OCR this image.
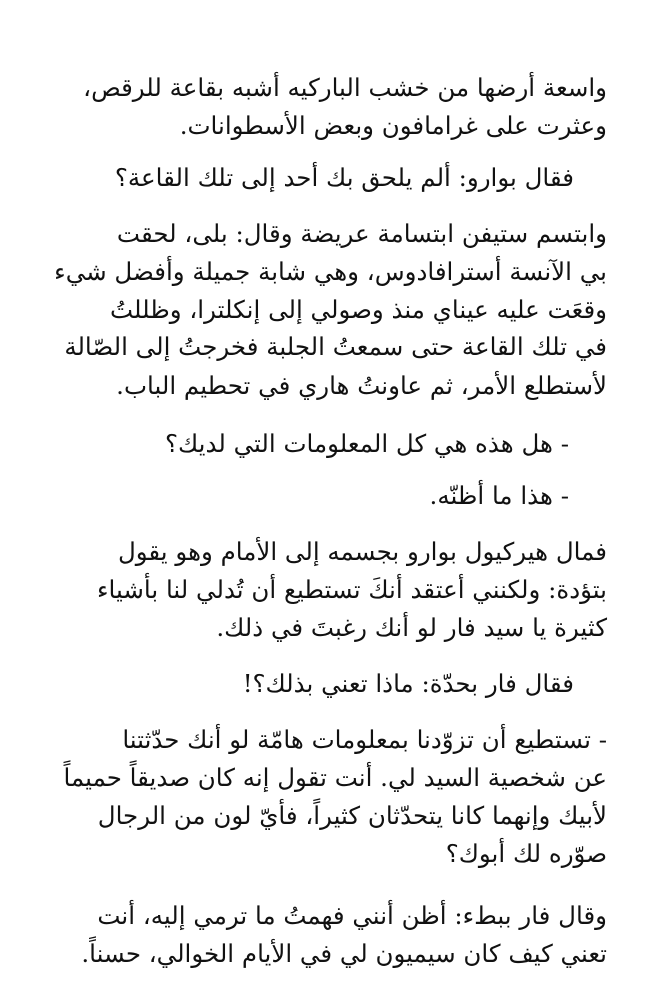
واسعة أرضها من خشب الباركيه أشبه بقاعة للرقص،
وعثرت على غرامافون وبعض الأسطوانات.
فقال بوارو: ألم يلحق بك أحد إلى تلك القاعة؟
وابتسم ستيفن ابتسامة عريضة وقال: بلى، لحقت
بي الآنسة أسترافادوس، وهي شابة جميلة وأفضل شيء
وقعَت عليه عيناي منذ وصولي إلى إنكلترا، وظللتُ
في تلك القاعة حتى سمعتُ الجلبة فخرجتُ إلى الصّالة
لأستطلع الأمر، ثم عاونتُ هاري في تحطيم الباب.
- هل هذه هي كل المعلومات التي لديك؟
- هذا ما أظنّه.
فمال هيركيول بوارو بجسمه إلى الأمام وهو يقول
بتؤدة: ولكنني أعتقد أنكَ تستطيع أن تُدلي لنا بأشياء
كثيرة يا سيد فار لو أنك رغبتَ في ذلك.
فقال فار بحدّة: ماذا تعني بذلك؟!
- تستطيع أن تزوّدنا بمعلومات هامّة لو أنك حدّثتنا
عن شخصية السيد لي. أنت تقول إنه كان صديقاً حميماً
لأبيك وإنهما كانا يتحدّثان كثيراً، فأيّ لون من الرجال
صوّره لك أبوك؟
وقال فار ببطء: أظن أنني فهمتُ ما ترمي إليه، أنت
تعني كيف كان سيميون لي في الأيام الخوالي، حسناً.
